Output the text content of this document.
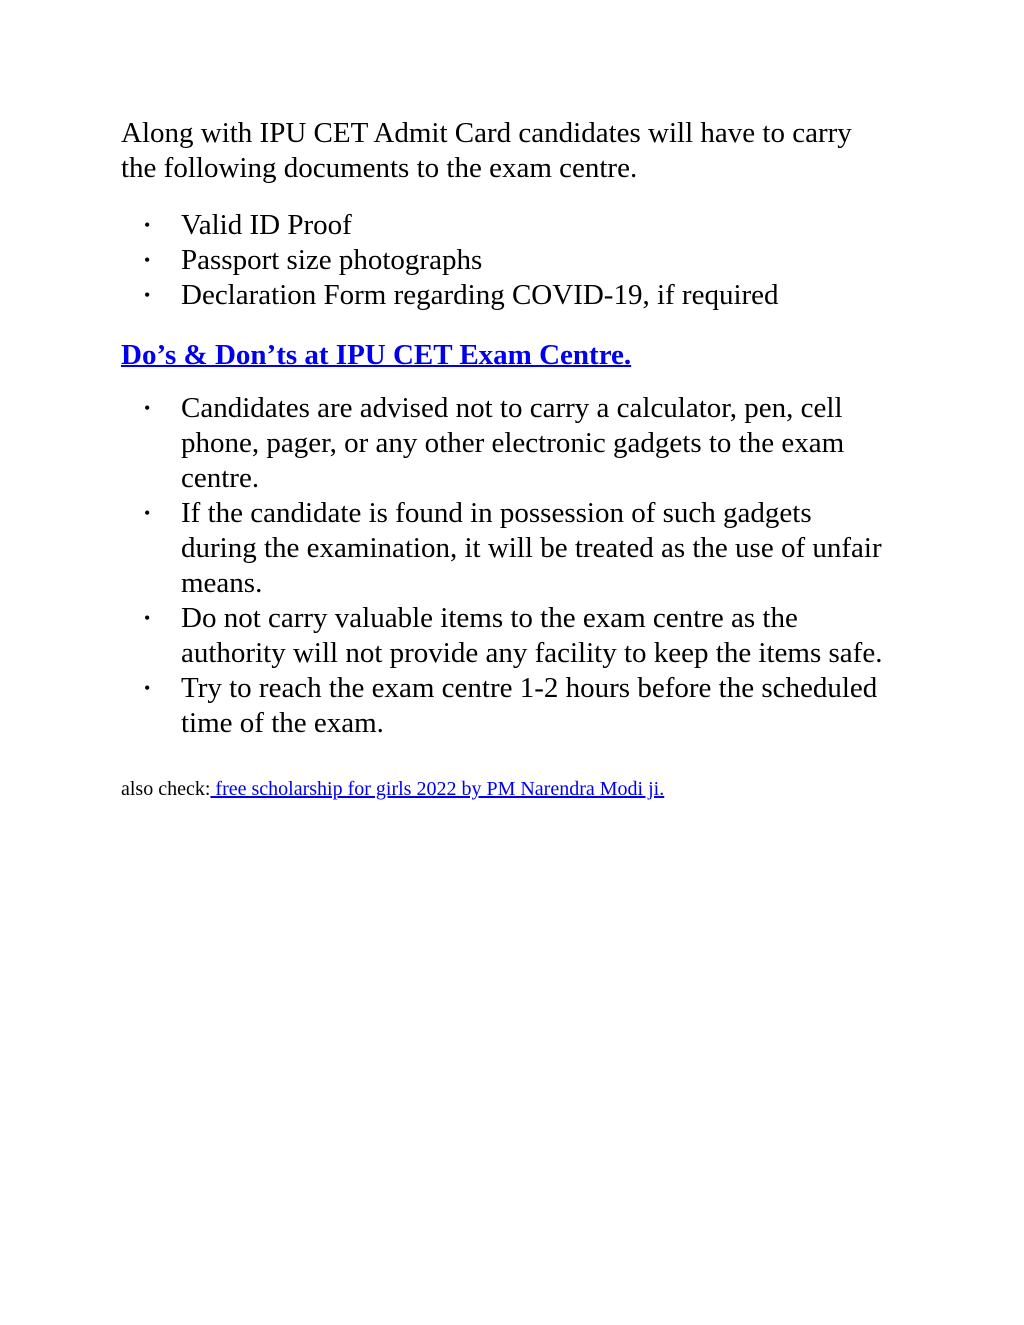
Along with IPU CET Admit Card candidates will have to carry the following documents to the exam centre.

• Valid ID Proof
• Passport size photographs
• Declaration Form regarding COVID-19, if required
Do’s & Don’ts at IPU CET Exam Centre.
• Candidates are advised not to carry a calculator, pen, cell phone, pager, or any other electronic gadgets to the exam centre.
• If the candidate is found in possession of such gadgets during the examination, it will be treated as the use of unfair means.
• Do not carry valuable items to the exam centre as the authority will not provide any facility to keep the items safe.
• Try to reach the exam centre 1-2 hours before the scheduled time of the exam.

also check: free scholarship for girls 2022 by PM Narendra Modi ji.
